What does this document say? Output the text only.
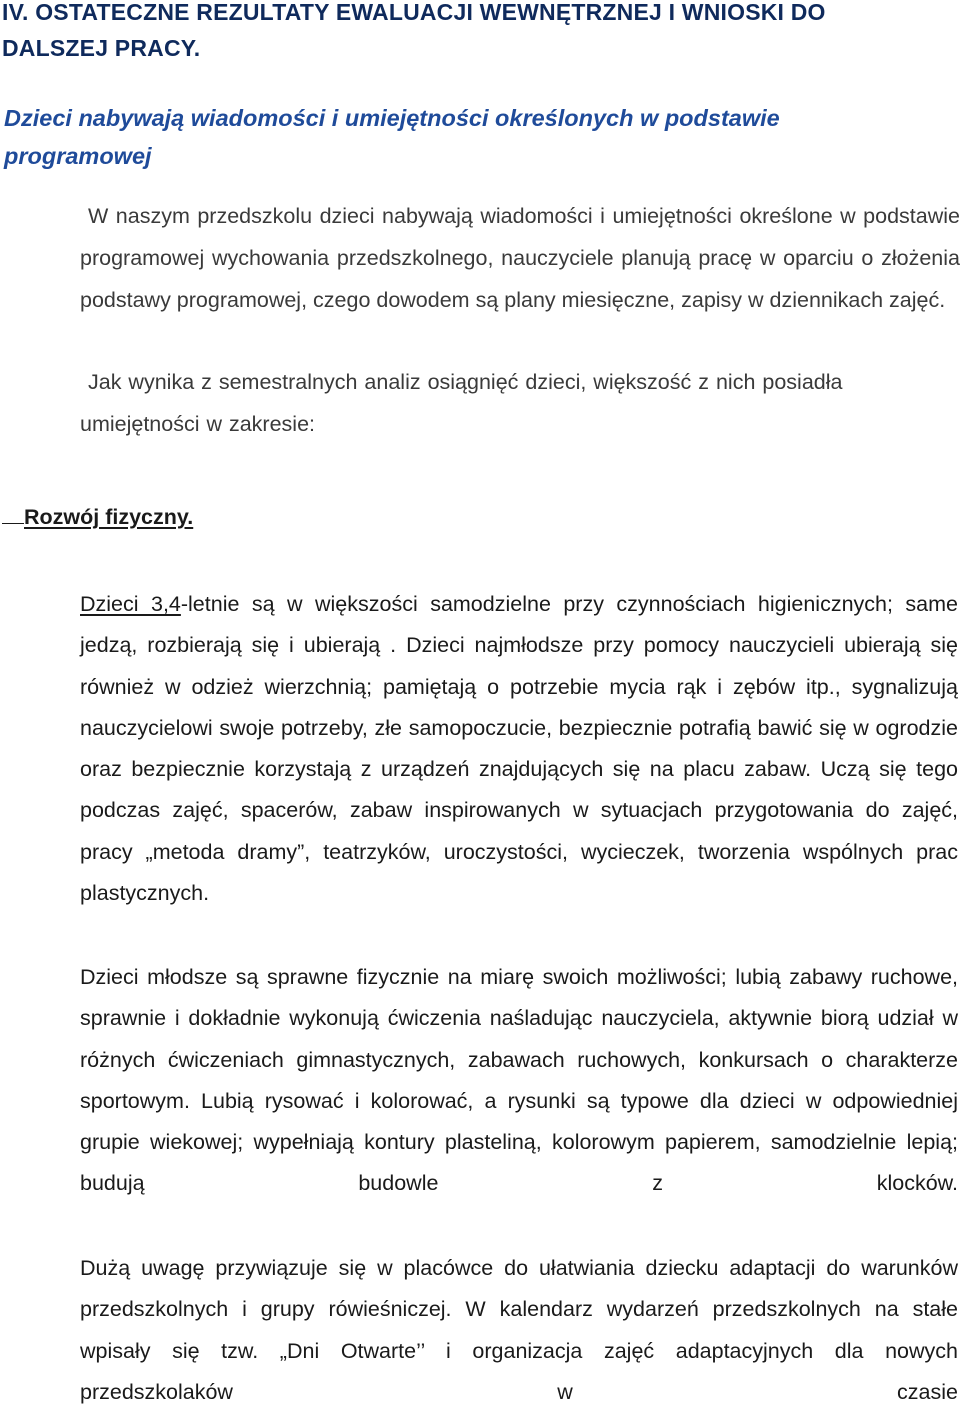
IV. OSTATECZNE REZULTATY EWALUACJI WEWNĘTRZNEJ I WNIOSKI DO
DALSZEJ PRACY.
Dzieci nabywają wiadomości i umiejętności określonych w podstawie
programowej

W naszym przedszkolu dzieci nabywają wiadomości i umiejętności określone w podstawie programowej wychowania przedszkolnego, nauczyciele planują pracę w oparciu o złożenia podstawy programowej, czego dowodem są plany miesięczne, zapisy w dziennikach zajęć.

Jak wynika z semestralnych analiz osiągnięć dzieci, większość z nich posiadła umiejętności w zakresie:

Rozwój fizyczny.

Dzieci 3,4-letnie są w większości samodzielne przy czynnościach higienicznych; same jedzą, rozbierają się i ubierają . Dzieci najmłodsze przy pomocy nauczycieli ubierają się również w odzież wierzchnią; pamiętają o potrzebie mycia rąk i zębów itp., sygnalizują nauczycielowi swoje potrzeby, złe samopoczucie, bezpiecznie potrafią bawić się w ogrodzie oraz bezpiecznie korzystają z urządzeń znajdujących się na placu zabaw. Uczą się tego podczas zajęć, spacerów, zabaw inspirowanych w sytuacjach przygotowania do zajęć, pracy „metoda dramy”, teatrzyków, uroczystości, wycieczek, tworzenia wspólnych prac plastycznych.

Dzieci młodsze są sprawne fizycznie na miarę swoich możliwości; lubią zabawy ruchowe, sprawnie i dokładnie wykonują ćwiczenia naśladując nauczyciela, aktywnie biorą udział w różnych ćwiczeniach gimnastycznych, zabawach ruchowych, konkursach o charakterze sportowym. Lubią rysować i kolorować, a rysunki są typowe dla dzieci w odpowiedniej grupie wiekowej; wypełniają kontury plasteliną, kolorowym papierem, samodzielnie lepią; budują budowle z klocków.

Dużą uwagę przywiązuje się w placówce do ułatwiania dziecku adaptacji do warunków przedszkolnych i grupy rówieśniczej. W kalendarz wydarzeń przedszkolnych na stałe wpisały się tzw. „Dni Otwarte’’ i organizacja zajęć adaptacyjnych dla nowych przedszkolaków w czasie
